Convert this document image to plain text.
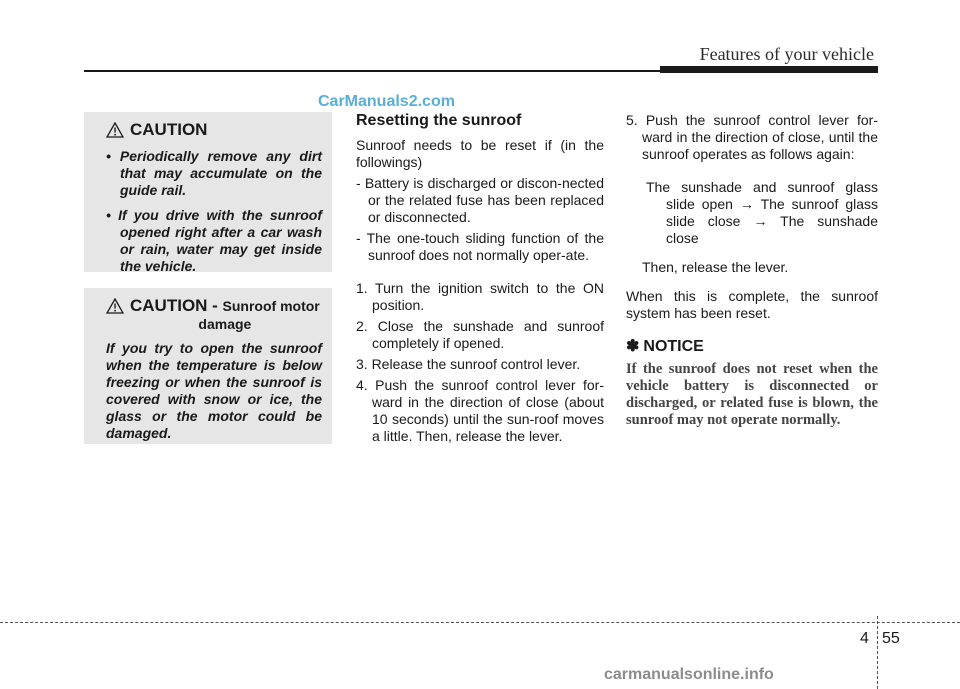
Features of your vehicle
CarManuals2.com
CAUTION
• Periodically remove any dirt that may accumulate on the guide rail.
• If you drive with the sunroof opened right after a car wash or rain, water may get inside the vehicle.
CAUTION - Sunroof motor
damage

If you try to open the sunroof when the temperature is below freezing or when the sunroof is covered with snow or ice, the glass or the motor could be damaged.

Resetting the sunroof

Sunroof needs to be reset if (in the followings)

- Battery is discharged or discon-nected or the related fuse has been replaced or disconnected.

- The one-touch sliding function of the sunroof does not normally oper-ate.

1. Turn the ignition switch to the ON position.

2. Close the sunshade and sunroof completely if opened.

3. Release the sunroof control lever.

4. Push the sunroof control lever for-ward in the direction of close (about 10 seconds) until the sun-roof moves a little. Then, release the lever.

5. Push the sunroof control lever for-ward in the direction of close, until the sunroof operates as follows again:

The sunshade and sunroof glass slide open → The sunroof glass slide close → The sunshade close

Then, release the lever.

When this is complete, the sunroof system has been reset.

✽ NOTICE
If the sunroof does not reset when the vehicle battery is disconnected or discharged, or related fuse is blown, the sunroof may not operate normally.
4 55
carmanualsonline.info
